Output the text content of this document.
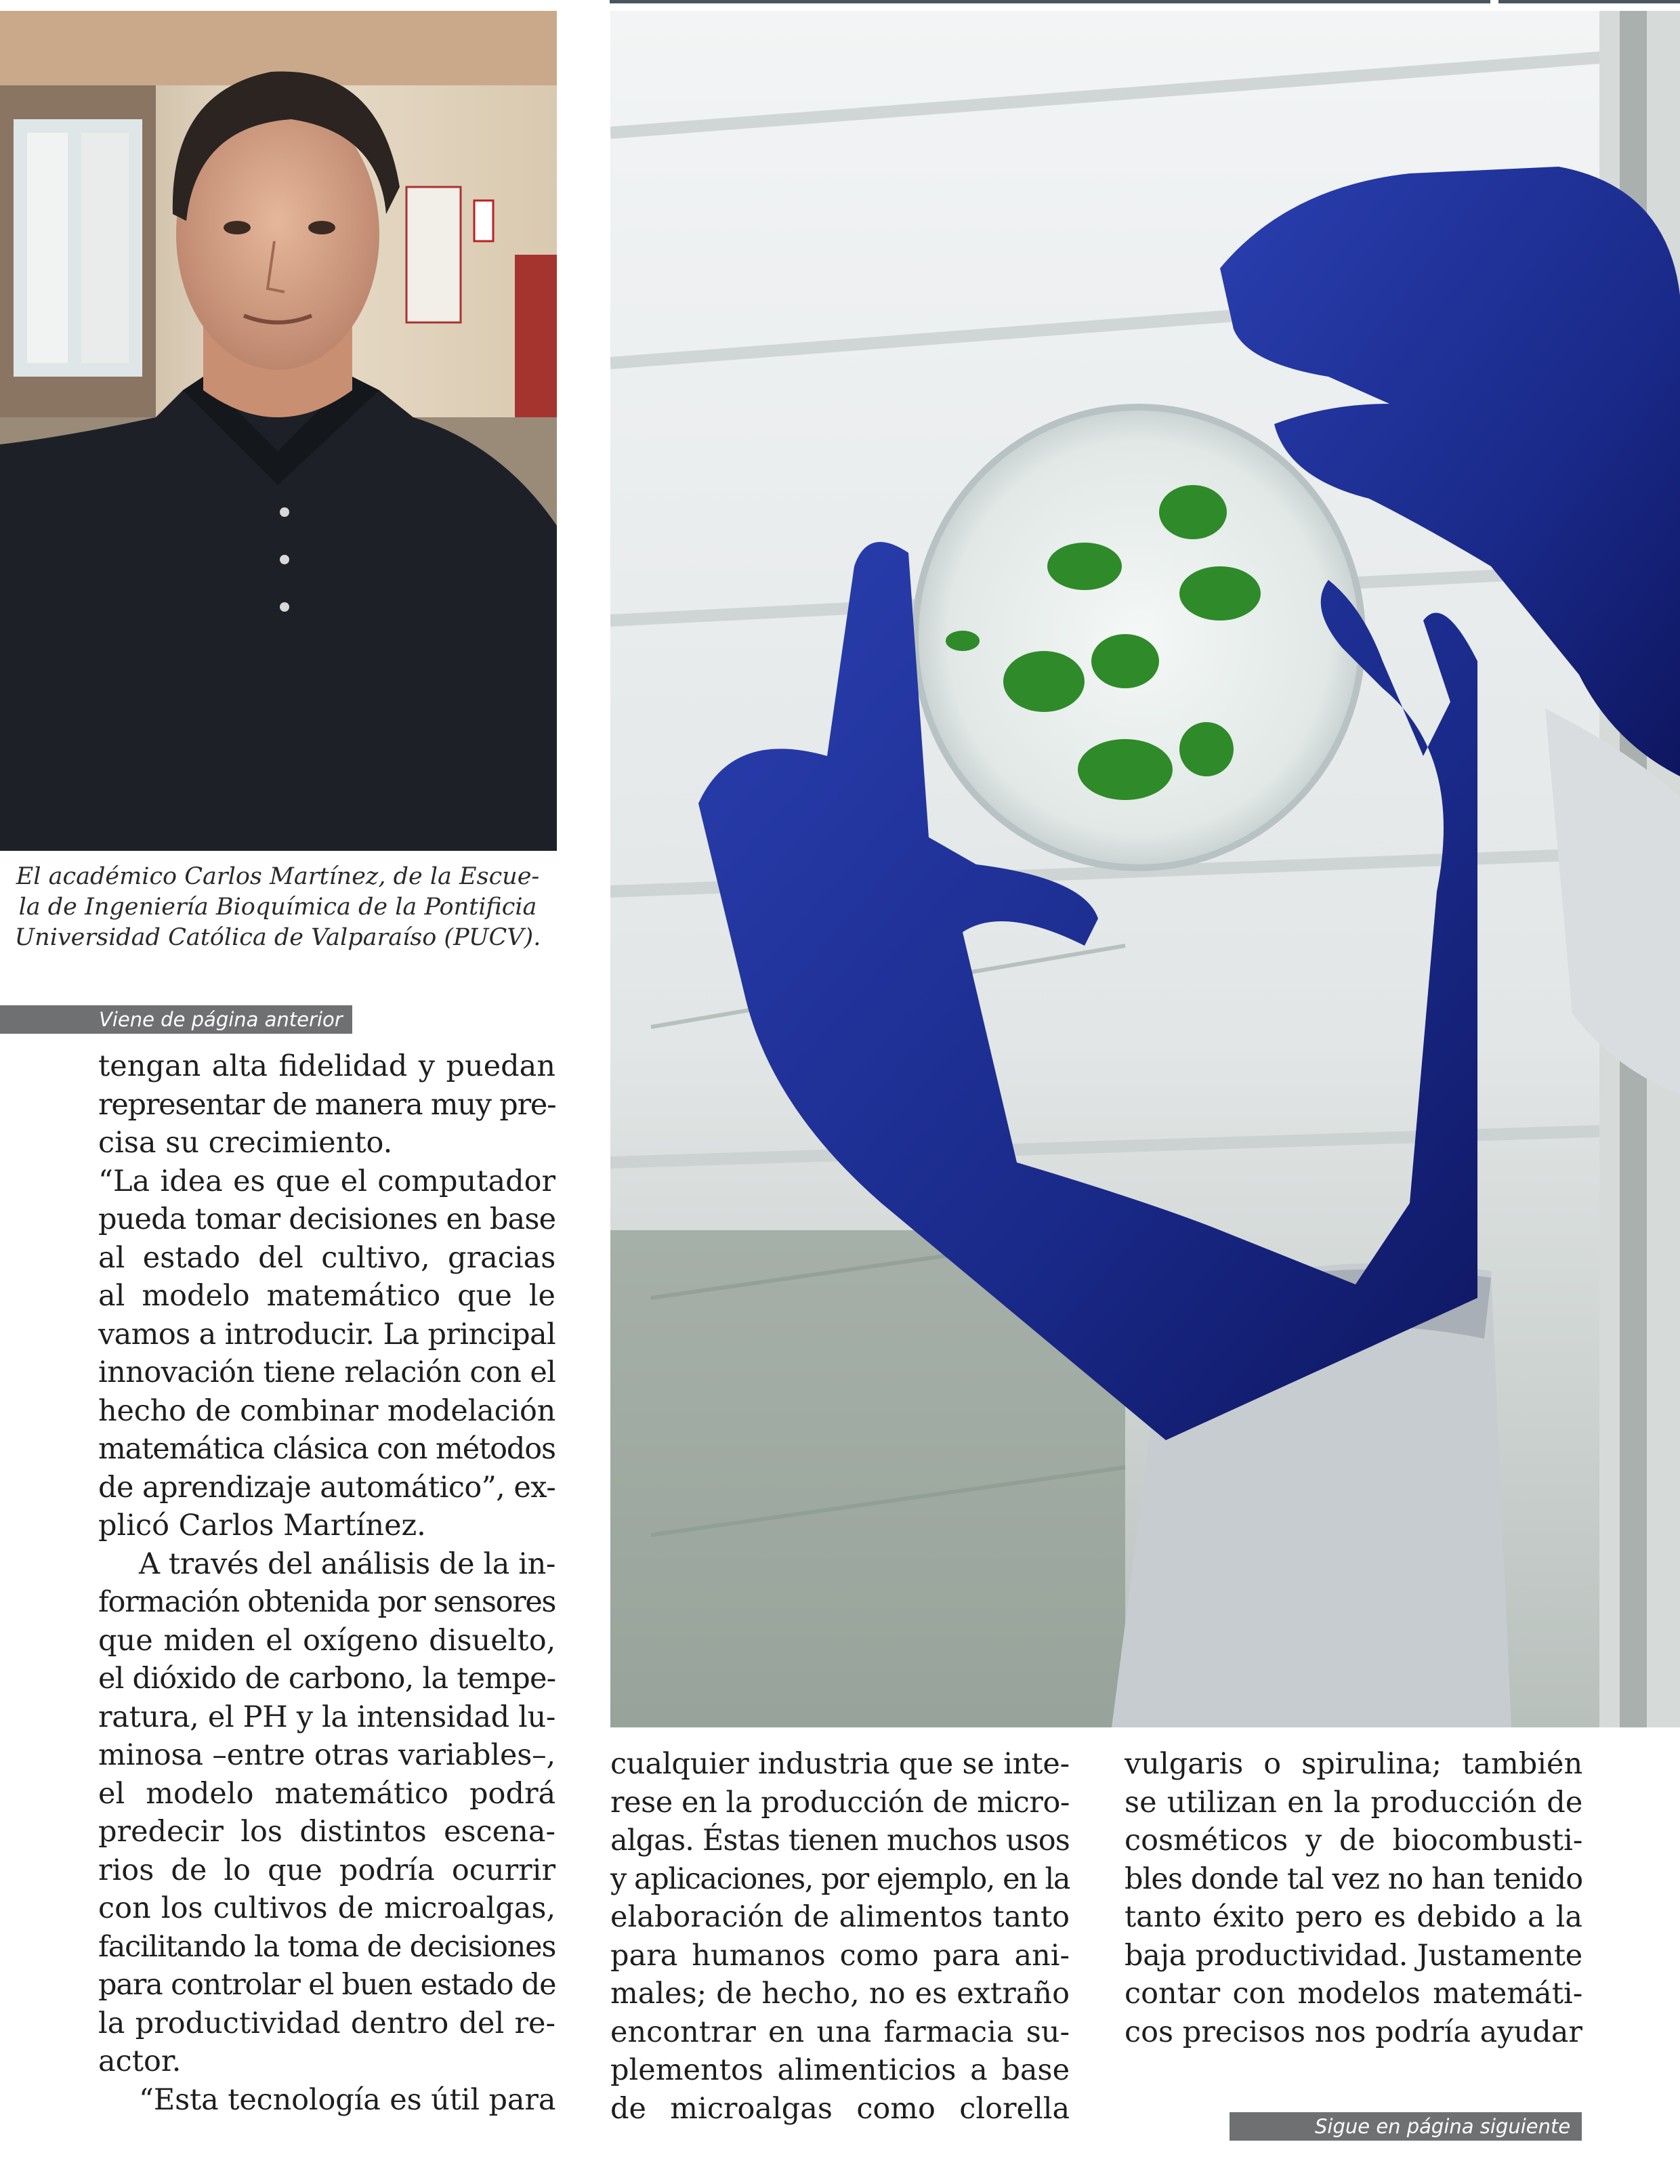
El académico Carlos Martínez, de la Escue-
la de Ingeniería Bioquímica de la Pontificia
Universidad Católica de Valparaíso (PUCV).
Viene de página anterior

tengan alta fidelidad y puedan
representar de manera muy pre-
cisa su crecimiento.

“La idea es que el computador
pueda tomar decisiones en base
al estado del cultivo, gracias
al modelo matemático que le
vamos a introducir. La principal
innovación tiene relación con el
hecho de combinar modelación
matemática clásica con métodos
de aprendizaje automático”, ex-
plicó Carlos Martínez.

A través del análisis de la in-
formación obtenida por sensores
que miden el oxígeno disuelto,
el dióxido de carbono, la tempe-
ratura, el PH y la intensidad lu-
minosa –entre otras variables–,
el modelo matemático podrá
predecir los distintos escena-
rios de lo que podría ocurrir
con los cultivos de microalgas,
facilitando la toma de decisiones
para controlar el buen estado de
la productividad dentro del re-
actor.

“Esta tecnología es útil para

cualquier industria que se inte-
rese en la producción de micro-
algas. Éstas tienen muchos usos
y aplicaciones, por ejemplo, en la
elaboración de alimentos tanto
para humanos como para ani-
males; de hecho, no es extraño
encontrar en una farmacia su-
plementos alimenticios a base
de microalgas como clorella

vulgaris o spirulina; también
se utilizan en la producción de
cosméticos y de biocombusti-
bles donde tal vez no han tenido
tanto éxito pero es debido a la
baja productividad. Justamente
contar con modelos matemáti-
cos precisos nos podría ayudar

Sigue en página siguiente
